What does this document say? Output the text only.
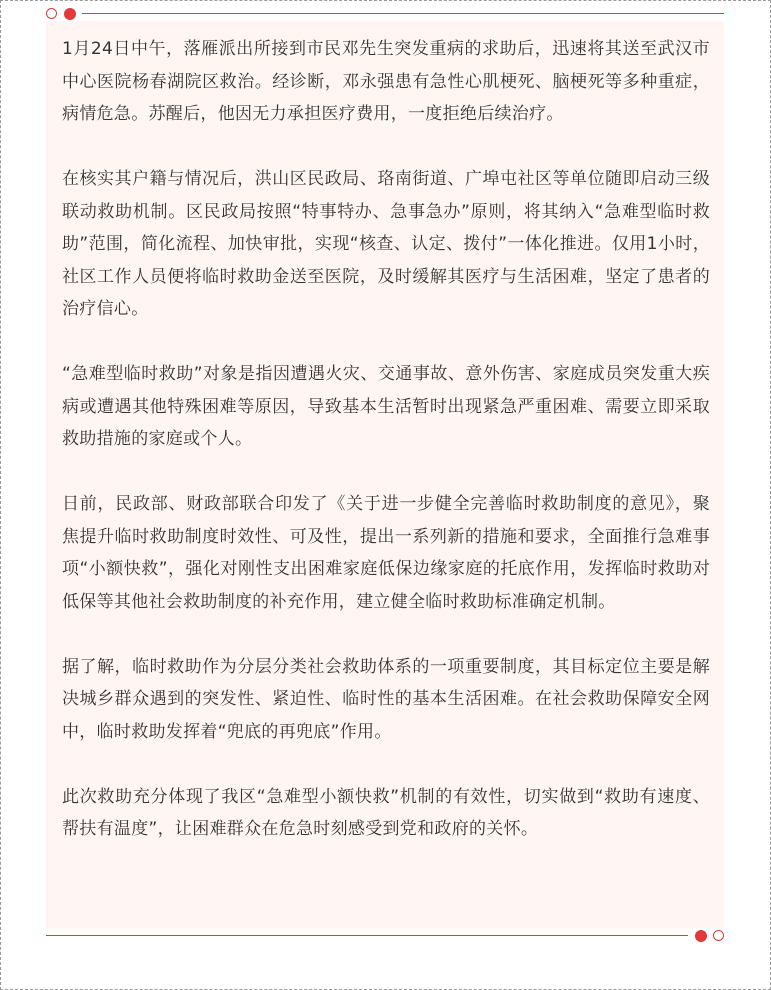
1月24日中午，落雁派出所接到市民邓先生突发重病的求助后，迅速将其送至武汉市中心医院杨春湖院区救治。经诊断，邓永强患有急性心肌梗死、脑梗死等多种重症，病情危急。苏醒后，他因无力承担医疗费用，一度拒绝后续治疗。

在核实其户籍与情况后，洪山区民政局、珞南街道、广埠屯社区等单位随即启动三级联动救助机制。区民政局按照“特事特办、急事急办”原则，将其纳入“急难型临时救助”范围，简化流程、加快审批，实现“核查、认定、拨付”一体化推进。仅用1小时，社区工作人员便将临时救助金送至医院，及时缓解其医疗与生活困难，坚定了患者的治疗信心。

“急难型临时救助”对象是指因遭遇火灾、交通事故、意外伤害、家庭成员突发重大疾病或遭遇其他特殊困难等原因，导致基本生活暂时出现紧急严重困难、需要立即采取救助措施的家庭或个人。

日前，民政部、财政部联合印发了《关于进一步健全完善临时救助制度的意见》，聚焦提升临时救助制度时效性、可及性，提出一系列新的措施和要求，全面推行急难事项“小额快救”，强化对刚性支出困难家庭低保边缘家庭的托底作用，发挥临时救助对低保等其他社会救助制度的补充作用，建立健全临时救助标准确定机制。

据了解，临时救助作为分层分类社会救助体系的一项重要制度，其目标定位主要是解决城乡群众遇到的突发性、紧迫性、临时性的基本生活困难。在社会救助保障安全网中，临时救助发挥着“兜底的再兜底”作用。

此次救助充分体现了我区“急难型小额快救”机制的有效性，切实做到“救助有速度、帮扶有温度”，让困难群众在危急时刻感受到党和政府的关怀。
